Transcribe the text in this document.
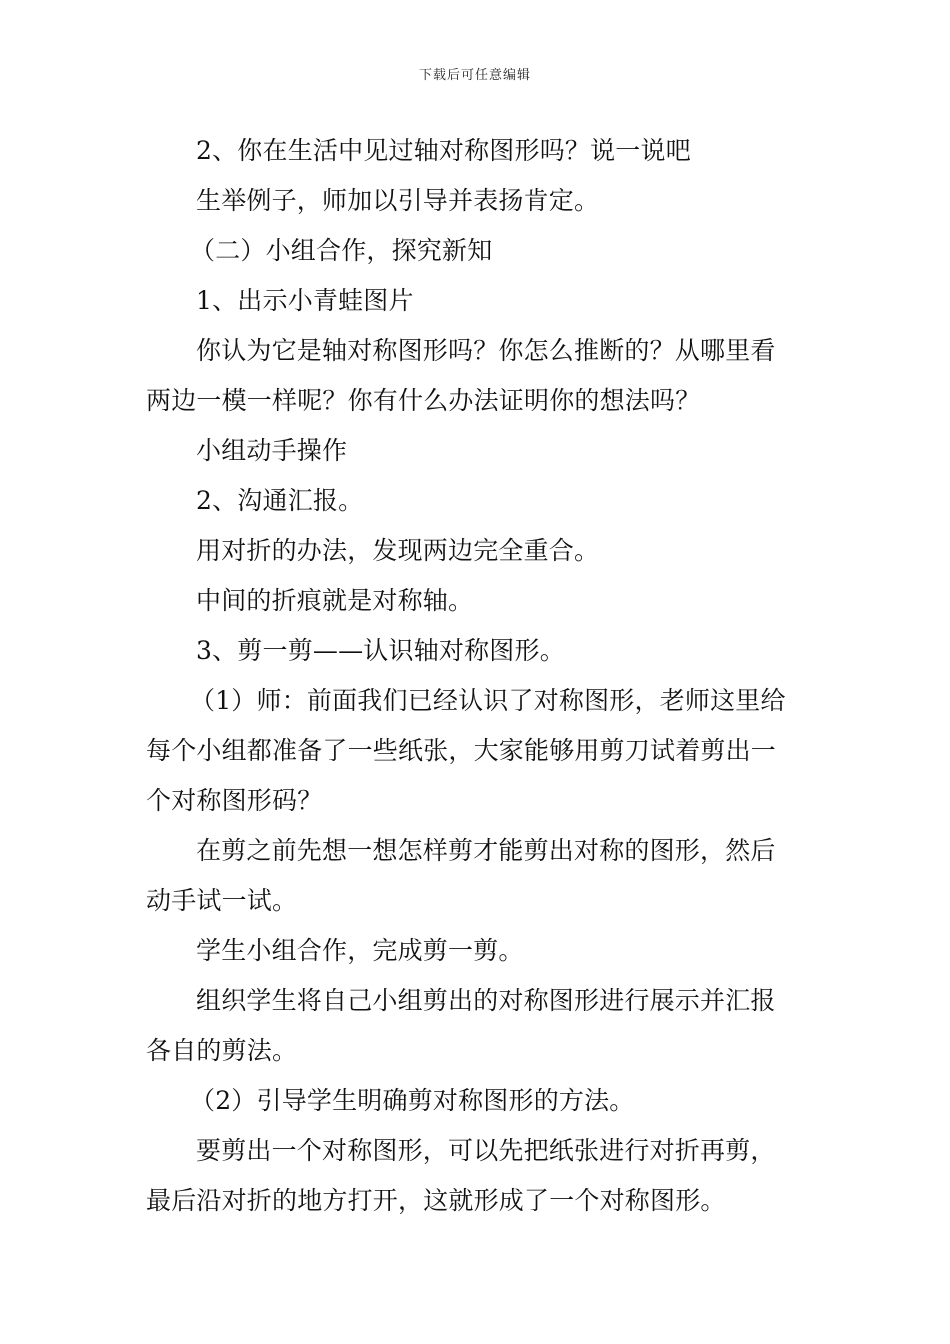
下载后可任意编辑
2、你在生活中见过轴对称图形吗？说一说吧
生举例子，师加以引导并表扬肯定。
（二）小组合作，探究新知
1、出示小青蛙图片
你认为它是轴对称图形吗？你怎么推断的？从哪里看
两边一模一样呢？你有什么办法证明你的想法吗？
小组动手操作
2、沟通汇报。
用对折的办法，发现两边完全重合。
中间的折痕就是对称轴。
3、剪一剪——认识轴对称图形。
（1）师：前面我们已经认识了对称图形，老师这里给
每个小组都准备了一些纸张，大家能够用剪刀试着剪出一
个对称图形码？
在剪之前先想一想怎样剪才能剪出对称的图形，然后
动手试一试。
学生小组合作，完成剪一剪。
组织学生将自己小组剪出的对称图形进行展示并汇报
各自的剪法。
（2）引导学生明确剪对称图形的方法。
要剪出一个对称图形，可以先把纸张进行对折再剪，
最后沿对折的地方打开，这就形成了一个对称图形。
